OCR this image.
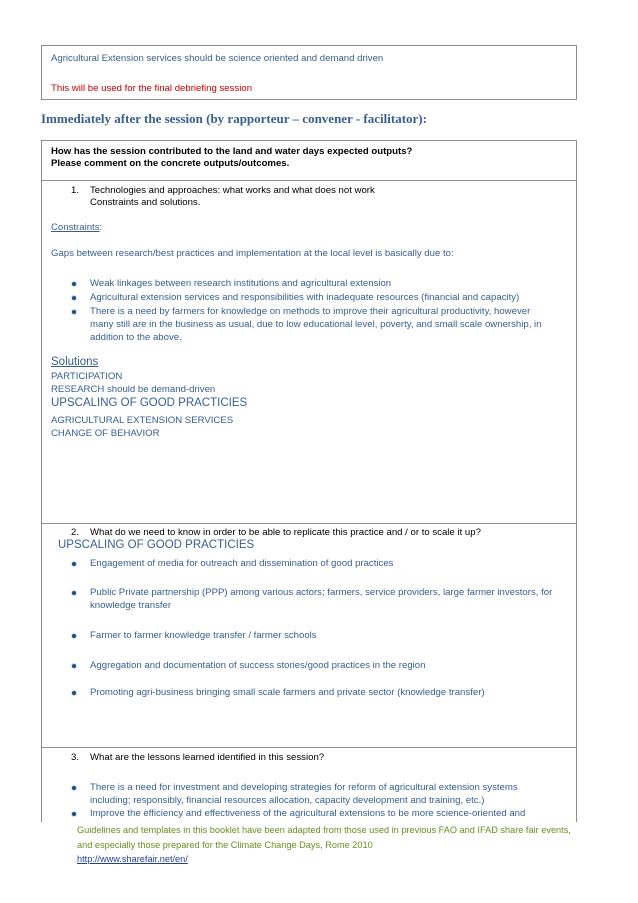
Agricultural Extension services should be science oriented and demand driven
This will be used for the final debriefing session
Immediately after the session (by rapporteur – convener - facilitator):
How has the session contributed to the land and water days expected outputs?
Please comment on the concrete outputs/outcomes.
1. Technologies and approaches: what works and what does not work
Constraints and solutions.
Constraints:
Gaps between research/best practices and implementation at the local level is basically due to:
Weak linkages between research institutions and agricultural extension
Agricultural extension services and responsibilities with inadequate resources (financial and capacity)
There is a need by farmers for knowledge on methods to improve their agricultural productivity, however
many still are in the business as usual, due to low educational level, poverty, and small scale ownership, in
addition to the above.
Solutions
PARTICIPATION
RESEARCH should be demand-driven
UPSCALING OF GOOD PRACTICIES
AGRICULTURAL EXTENSION SERVICES
CHANGE OF BEHAVIOR
2. What do we need to know in order to be able to replicate this practice and / or to scale it up?
UPSCALING OF GOOD PRACTICIES
Engagement of media for outreach and dissemination of good practices
Public Private partnership (PPP) among various actors; farmers, service providers, large farmer investors, for
knowledge transfer
Farmer to farmer knowledge transfer / farmer schools
Aggregation and documentation of success stories/good practices in the region
Promoting agri-business bringing small scale farmers and private sector (knowledge transfer)
3. What are the lessons learned identified in this session?
There is a need for investment and developing strategies for reform of agricultural extension systems
including; responsibly, financial resources allocation, capacity development and training, etc.)
Improve the efficiency and effectiveness of the agricultural extensions to be more science-oriented and
Guidelines and templates in this booklet have been adapted from those used in previous FAO and IFAD share fair events,
and especially those prepared for the Climate Change Days, Rome 2010
http://www.sharefair.net/en/
